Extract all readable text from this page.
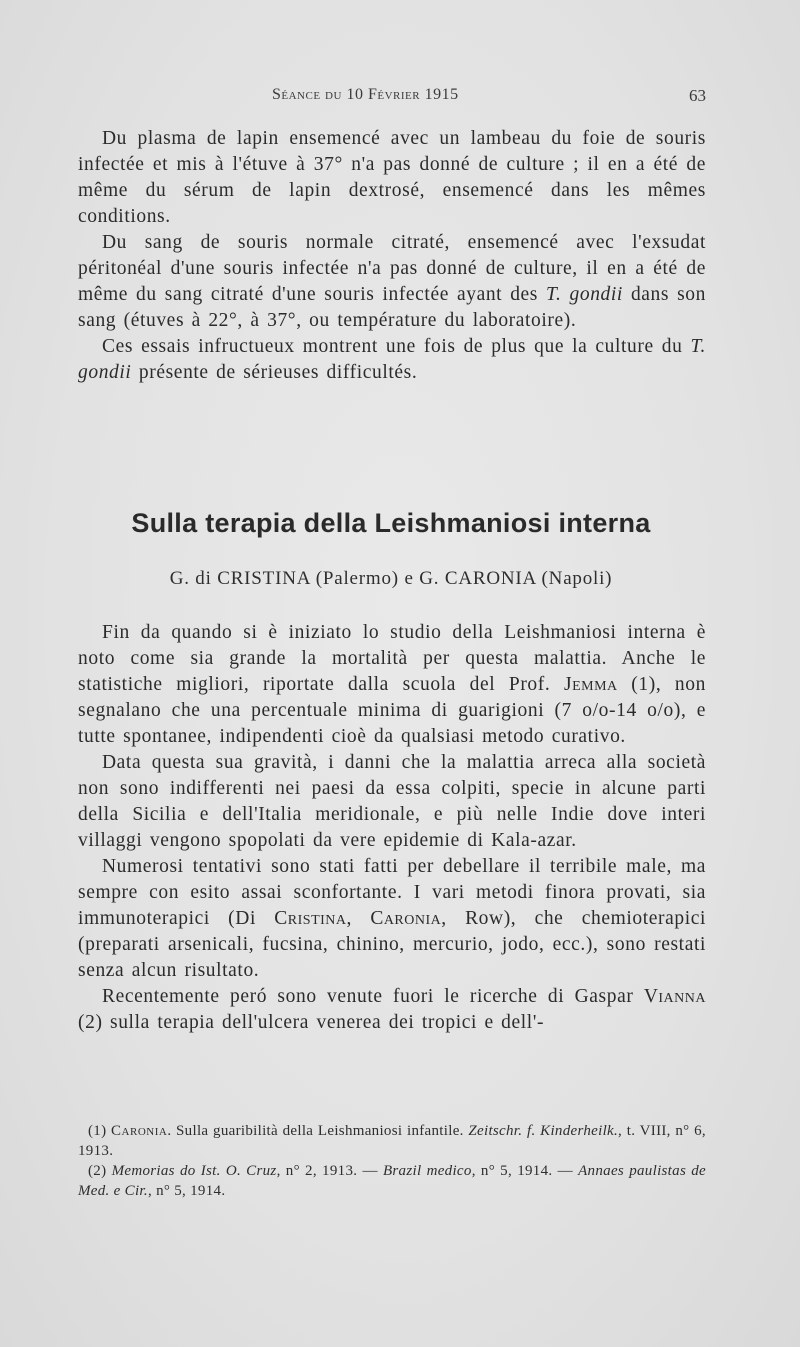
Séance du 10 Février 1915	63

Du plasma de lapin ensemencé avec un lambeau du foie de souris infectée et mis à l'étuve à 37° n'a pas donné de culture ; il en a été de même du sérum de lapin dextrosé, ensemencé dans les mêmes conditions.

Du sang de souris normale citraté, ensemencé avec l'exsudat péritonéal d'une souris infectée n'a pas donné de culture, il en a été de même du sang citraté d'une souris infectée ayant des T. gondii dans son sang (étuves à 22°, à 37°, ou température du laboratoire).

Ces essais infructueux montrent une fois de plus que la culture du T. gondii présente de sérieuses difficultés.

Sulla terapia della Leishmaniosi interna
G. di CRISTINA (Palermo) e G. CARONIA (Napoli)

Fin da quando si è iniziato lo studio della Leishmaniosi interna è noto come sia grande la mortalità per questa malattia. Anche le statistiche migliori, riportate dalla scuola del Prof. Jemma (1), non segnalano che una percentuale minima di guarigioni (7 o/o-14 o/o), e tutte spontanee, indipendenti cioè da qualsiasi metodo curativo.

Data questa sua gravità, i danni che la malattia arreca alla società non sono indifferenti nei paesi da essa colpiti, specie in alcune parti della Sicilia e dell'Italia meridionale, e più nelle Indie dove interi villaggi vengono spopolati da vere epidemie di Kala-azar.

Numerosi tentativi sono stati fatti per debellare il terribile male, ma sempre con esito assai sconfortante. I vari metodi finora provati, sia immunoterapici (Di Cristina, Caronia, Row), che chemioterapici (preparati arsenicali, fucsina, chinino, mercurio, jodo, ecc.), sono restati senza alcun risultato.

Recentemente peró sono venute fuori le ricerche di Gaspar Vianna (2) sulla terapia dell'ulcera venerea dei tropici e dell'-

(1) Caronia. Sulla guaribilità della Leishmaniosi infantile. Zeitschr. f. Kinderheilk., t. VIII, n° 6, 1913.

(2) Memorias do Ist. O. Cruz, n° 2, 1913. — Brazil medico, n° 5, 1914. — Annaes paulistas de Med. e Cir., n° 5, 1914.
